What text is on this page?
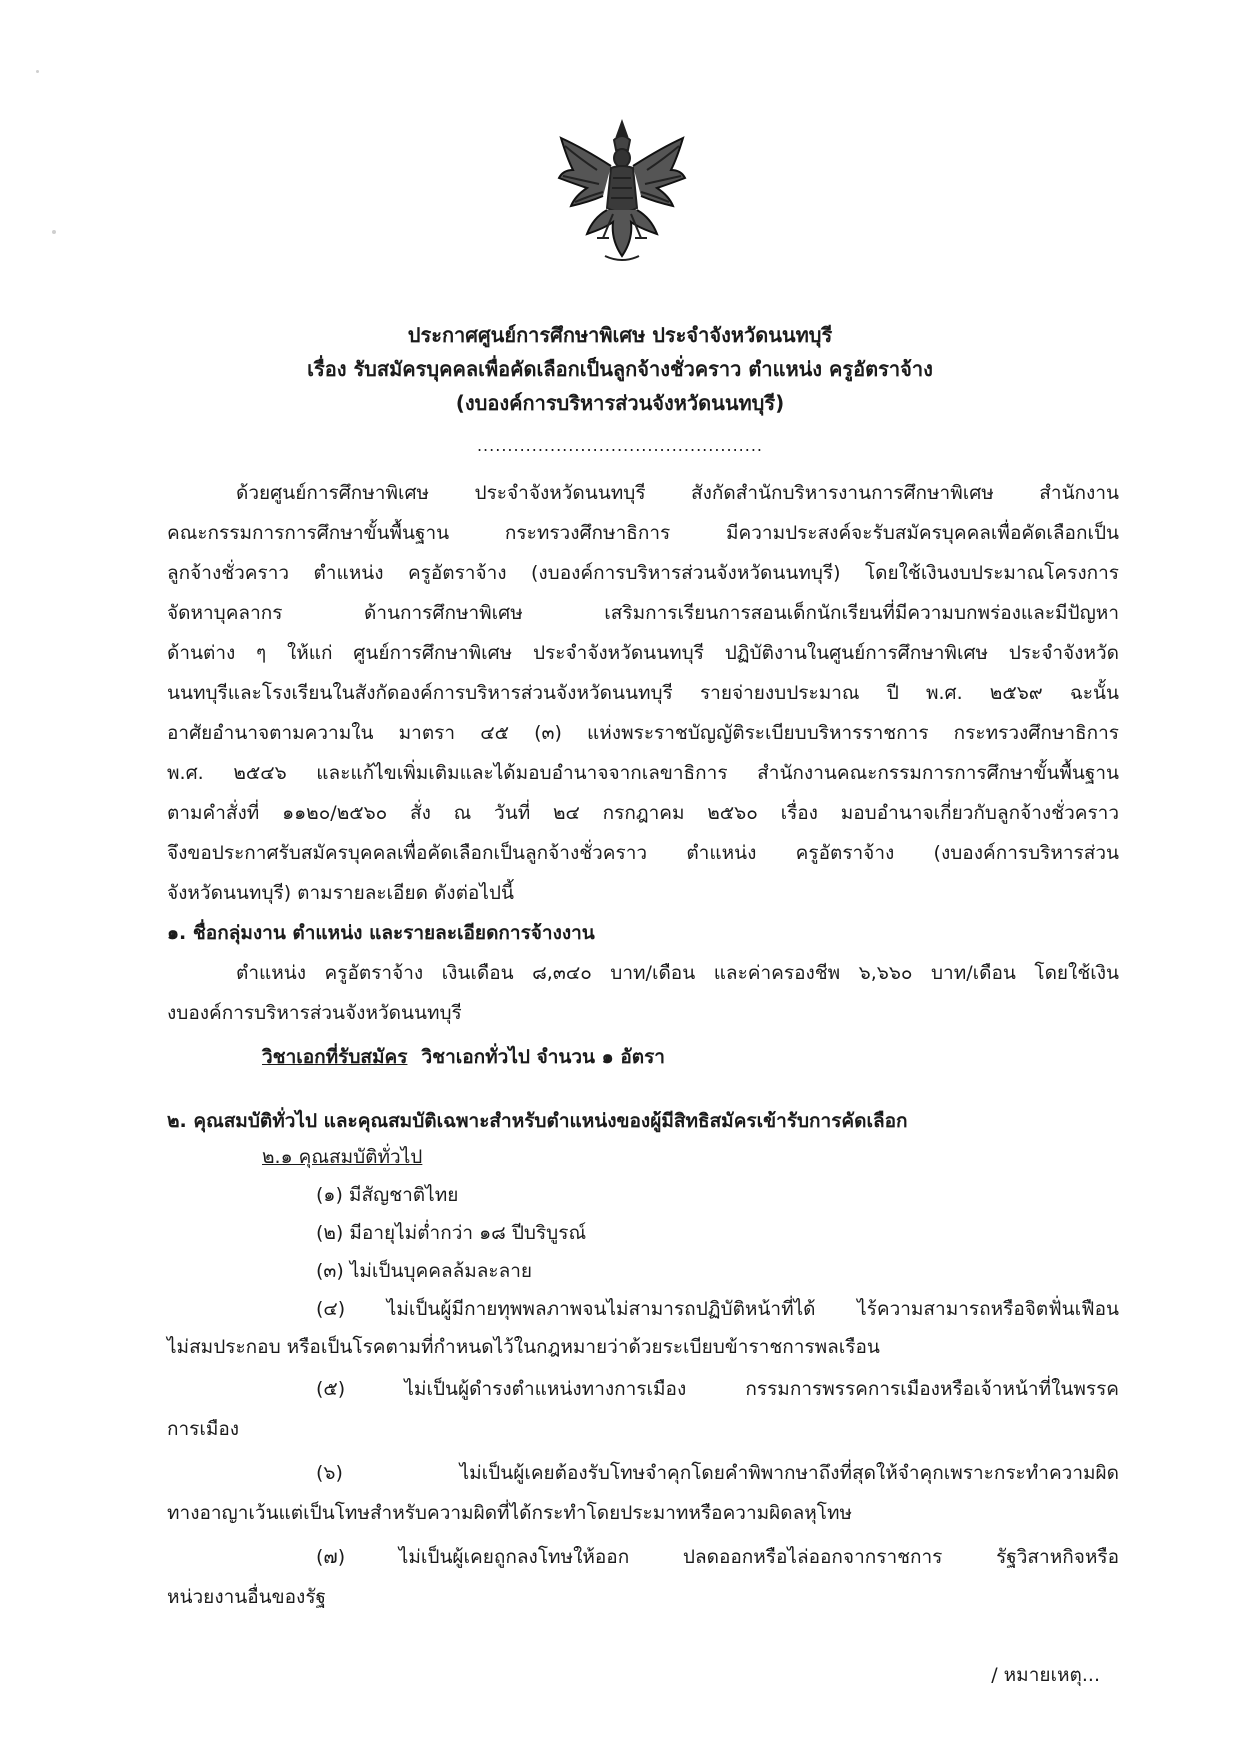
ประกาศศูนย์การศึกษาพิเศษ ประจำจังหวัดนนทบุรี
เรื่อง รับสมัครบุคคลเพื่อคัดเลือกเป็นลูกจ้างชั่วคราว ตำแหน่ง ครูอัตราจ้าง
(งบองค์การบริหารส่วนจังหวัดนนทบุรี)
...............................................
ด้วยศูนย์การศึกษาพิเศษ ประจำจังหวัดนนทบุรี สังกัดสำนักบริหารงานการศึกษาพิเศษ สำนักงาน
คณะกรรมการการศึกษาขั้นพื้นฐาน กระทรวงศึกษาธิการ มีความประสงค์จะรับสมัครบุคคลเพื่อคัดเลือกเป็น
ลูกจ้างชั่วคราว ตำแหน่ง ครูอัตราจ้าง (งบองค์การบริหารส่วนจังหวัดนนทบุรี) โดยใช้เงินงบประมาณโครงการ
จัดหาบุคลากร ด้านการศึกษาพิเศษ เสริมการเรียนการสอนเด็กนักเรียนที่มีความบกพร่องและมีปัญหา
ด้านต่าง ๆ ให้แก่ ศูนย์การศึกษาพิเศษ ประจำจังหวัดนนทบุรี ปฏิบัติงานในศูนย์การศึกษาพิเศษ ประจำจังหวัด
นนทบุรีและโรงเรียนในสังกัดองค์การบริหารส่วนจังหวัดนนทบุรี รายจ่ายงบประมาณ ปี พ.ศ. ๒๕๖๙ ฉะนั้น
อาศัยอำนาจตามความใน มาตรา ๔๕ (๓) แห่งพระราชบัญญัติระเบียบบริหารราชการ กระทรวงศึกษาธิการ
พ.ศ. ๒๕๔๖ และแก้ไขเพิ่มเติมและได้มอบอำนาจจากเลขาธิการ สำนักงานคณะกรรมการการศึกษาขั้นพื้นฐาน
ตามคำสั่งที่ ๑๑๒๐/๒๕๖๐ สั่ง ณ วันที่ ๒๔ กรกฎาคม ๒๕๖๐ เรื่อง มอบอำนาจเกี่ยวกับลูกจ้างชั่วคราว
จึงขอประกาศรับสมัครบุคคลเพื่อคัดเลือกเป็นลูกจ้างชั่วคราว ตำแหน่ง ครูอัตราจ้าง (งบองค์การบริหารส่วน
จังหวัดนนทบุรี) ตามรายละเอียด ดังต่อไปนี้
๑. ชื่อกลุ่มงาน ตำแหน่ง และรายละเอียดการจ้างงาน
ตำแหน่ง ครูอัตราจ้าง เงินเดือน ๘,๓๔๐ บาท/เดือน และค่าครองชีพ ๖,๖๖๐ บาท/เดือน โดยใช้เงิน
งบองค์การบริหารส่วนจังหวัดนนทบุรี
วิชาเอกที่รับสมัคร วิชาเอกทั่วไป จำนวน ๑ อัตรา
๒. คุณสมบัติทั่วไป และคุณสมบัติเฉพาะสำหรับตำแหน่งของผู้มีสิทธิสมัครเข้ารับการคัดเลือก
๒.๑ คุณสมบัติทั่วไป
(๑) มีสัญชาติไทย
(๒) มีอายุไม่ต่ำกว่า ๑๘ ปีบริบูรณ์
(๓) ไม่เป็นบุคคลล้มละลาย
(๔) ไม่เป็นผู้มีกายทุพพลภาพจนไม่สามารถปฏิบัติหน้าที่ได้ ไร้ความสามารถหรือจิตฟั่นเฟือน
ไม่สมประกอบ หรือเป็นโรคตามที่กำหนดไว้ในกฎหมายว่าด้วยระเบียบข้าราชการพลเรือน
(๕) ไม่เป็นผู้ดำรงตำแหน่งทางการเมือง กรรมการพรรคการเมืองหรือเจ้าหน้าที่ในพรรค
การเมือง
(๖) ไม่เป็นผู้เคยต้องรับโทษจำคุกโดยคำพิพากษาถึงที่สุดให้จำคุกเพราะกระทำความผิด
ทางอาญาเว้นแต่เป็นโทษสำหรับความผิดที่ได้กระทำโดยประมาทหรือความผิดลหุโทษ
(๗) ไม่เป็นผู้เคยถูกลงโทษให้ออก ปลดออกหรือไล่ออกจากราชการ รัฐวิสาหกิจหรือ
หน่วยงานอื่นของรัฐ
/ หมายเหตุ...
